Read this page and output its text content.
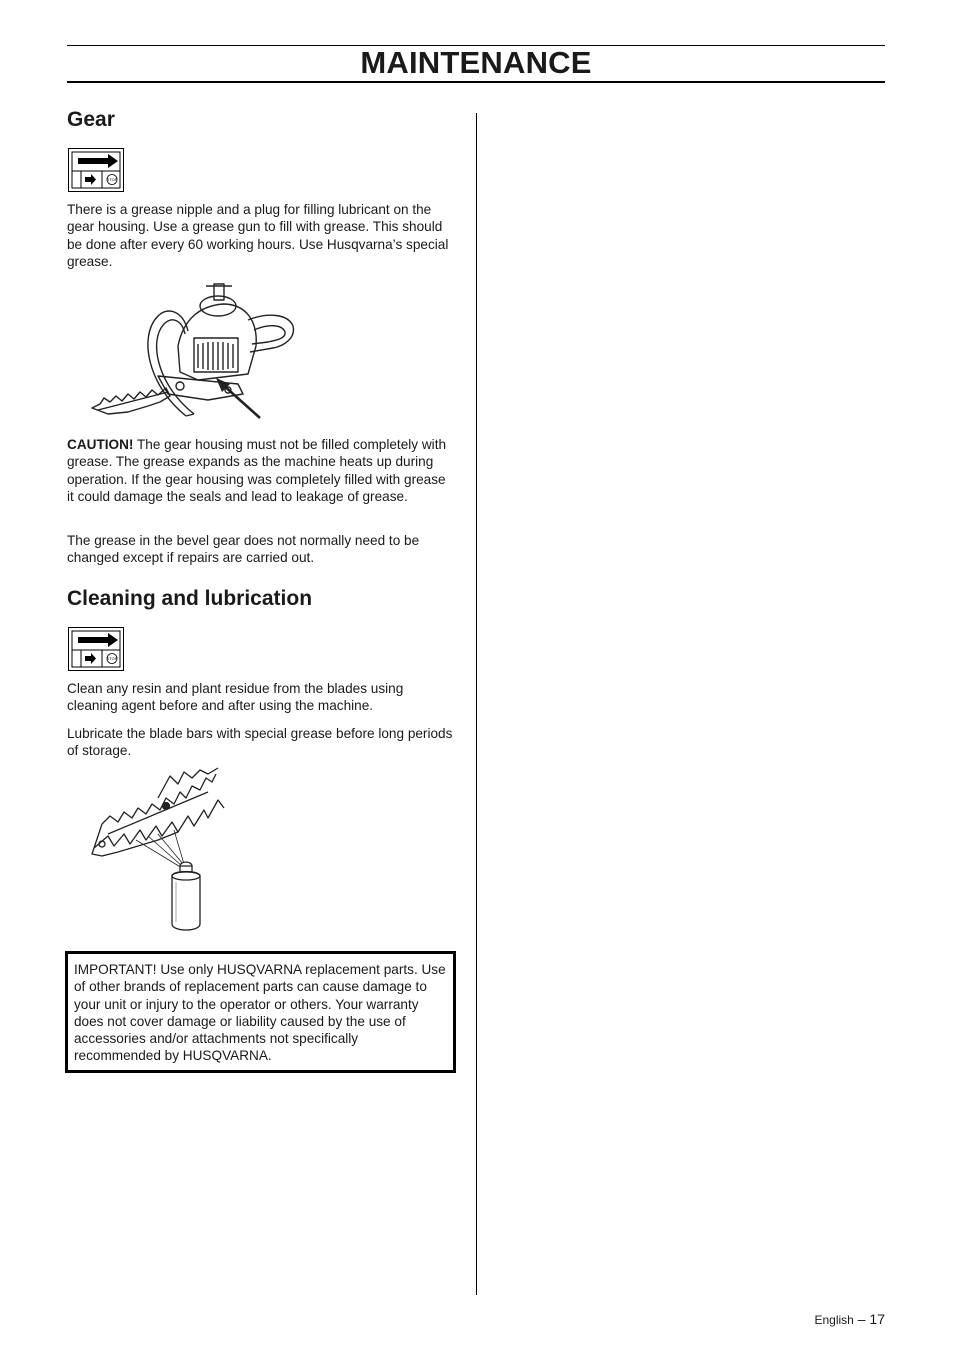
MAINTENANCE
Gear
STOP

There is a grease nipple and a plug for filling lubricant on the gear housing. Use a grease gun to fill with grease. This should be done after every 60 working hours. Use Husqvarna’s special grease.

CAUTION! The gear housing must not be filled completely with grease. The grease expands as the machine heats up during operation. If the gear housing was completely filled with grease it could damage the seals and lead to leakage of grease.

The grease in the bevel gear does not normally need to be changed except if repairs are carried out.

Cleaning and lubrication
STOP

Clean any resin and plant residue from the blades using cleaning agent before and after using the machine.

Lubricate the blade bars with special grease before long periods of storage.

IMPORTANT! Use only HUSQVARNA replacement parts. Use of other brands of replacement parts can cause damage to your unit or injury to the operator or others. Your warranty does not cover damage or liability caused by the use of accessories and/or attachments not specifically recommended by HUSQVARNA.

English – 17
